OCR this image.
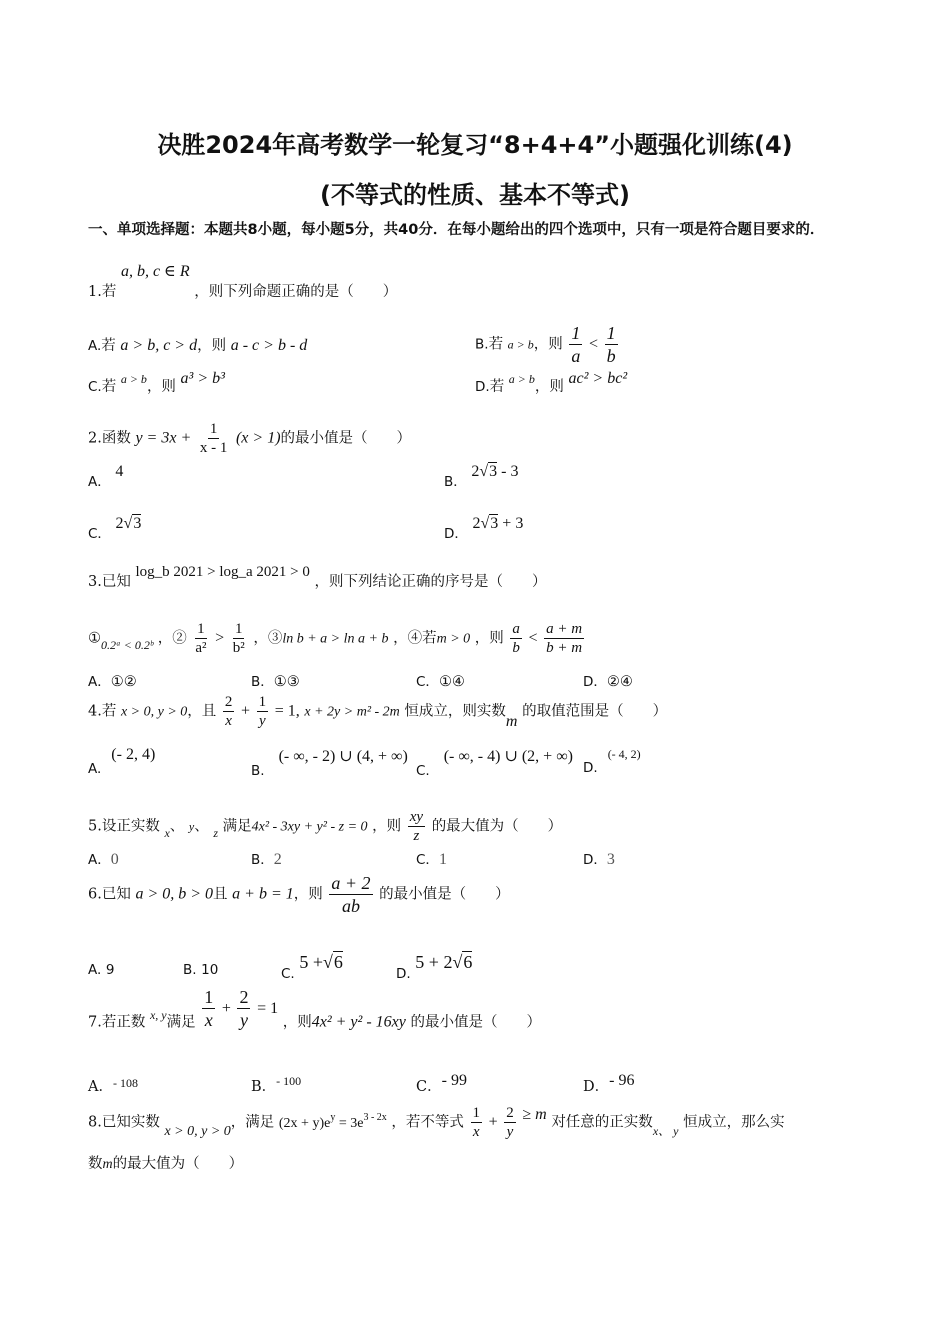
决胜2024年高考数学一轮复习“8+4+4”小题强化训练(4)
(不等式的性质、基本不等式)
一、单项选择题：本题共8小题，每小题5分，共40分．在每小题给出的四个选项中，只有一项是符合题目要求的．
1.若 a, b, c ∈ R ，则下列命题正确的是（　　）
A.若 a > b, c > d，则 a - c > b - d	B.若 a > b，则 $\frac{1}{a} < \frac{1}{b}$
C.若 $^{a > b}$，则 a³ > b³	D.若 $^{a > b}$，则 ac² > bc²
2.函数 $y = 3x + \frac{1}{x - 1} (x > 1)$的最小值是（　　）
A． 4
B． 2√3 - 3
C． 2√3
D． 2√3 + 3
3.已知 log_b 2021 > log_a 2021 > 0 ，则下列结论正确的序号是（　　）
$①_{0.2ᵃ < 0.2ᵇ}$ ，② $\frac{1}{\text{a²}} > \frac{1}{\text{b²}}$ ，③ln b + a > ln a + b ，④若m > 0 ，则 $\frac{a}{b} < \frac{a + m}{b + m}$
A．①②	B．①③	C．①④	D．②④
4.若 x > 0, y > 0，且 $\frac{2}{x} + \frac{1}{y} = 1$, x + 2y > m² - 2m 恒成立，则实数m 的取值范围是（　　）
A.(- 2, 4)
B.(- ∞, - 2) ∪ (4, + ∞)
C.(- ∞, - 4) ∪ (2, + ∞)
D.$^{(- 4, 2)}$
5.设正实数 $_x$、 y、 $_z$ 满足4x² - 3xy + y² - z = 0 ，则 $\frac{xy}{z}$ 的最大值为（　　）
A．0	B．2	C．1	D．3
6.已知 a > 0, b > 0且 a + b = 1，则 $\frac{a + 2}{ab}$ 的最小值是（　　）
A. 9	B. 10	C. 5 +√6
D. 5 + 2√6
7.若正数 $^{x, y}$满足 $\frac{1}{x} + \frac{2}{y} = 1$ ，则4x² + y² - 16xy 的最小值是（　　）
A．$^{- 108}$	B．$^{- 100}$	C．- 99	D．- 96
8.已知实数 x > 0, y > 0，满足 $(2x + y)e^y = 3e^{3 - 2x}$ ，若不等式 $\frac{1}{x} + \frac{2}{y} \ge m$ 对任意的正实数$_{x、 y}$ 恒成立，那么实
数m的最大值为（　　）
